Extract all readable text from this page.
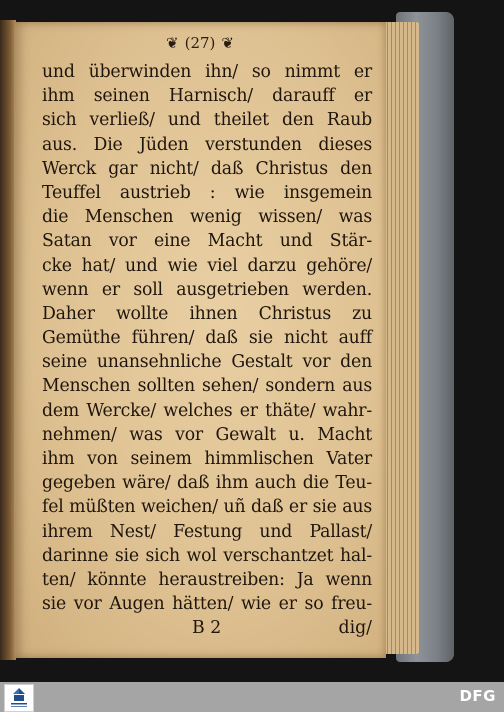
❦ (27) ❦
und überwinden ihn/ so nimmt er
ihm seinen Harnisch/ darauff er
sich verließ/ und theilet den Raub
aus. Die Jüden verstunden dieses
Werck gar nicht/ daß Christus den
Teuffel austrieb : wie insgemein
die Menschen wenig wissen/ was
Satan vor eine Macht und Stär-
cke hat/ und wie viel darzu gehöre/
wenn er soll ausgetrieben werden.
Daher wollte ihnen Christus zu
Gemüthe führen/ daß sie nicht auff
seine unansehnliche Gestalt vor den
Menschen sollten sehen/ sondern aus
dem Wercke/ welches er thäte/ wahr-
nehmen/ was vor Gewalt u. Macht
ihm von seinem himmlischen Vater
gegeben wäre/ daß ihm auch die Teu-
fel müßten weichen/ uñ daß er sie aus
ihrem Nest/ Festung und Pallast/
darinne sie sich wol verschantzet hal-
ten/ könnte heraustreiben: Ja wenn
sie vor Augen hätten/ wie er so freu-
B 2	dig/
DFG
